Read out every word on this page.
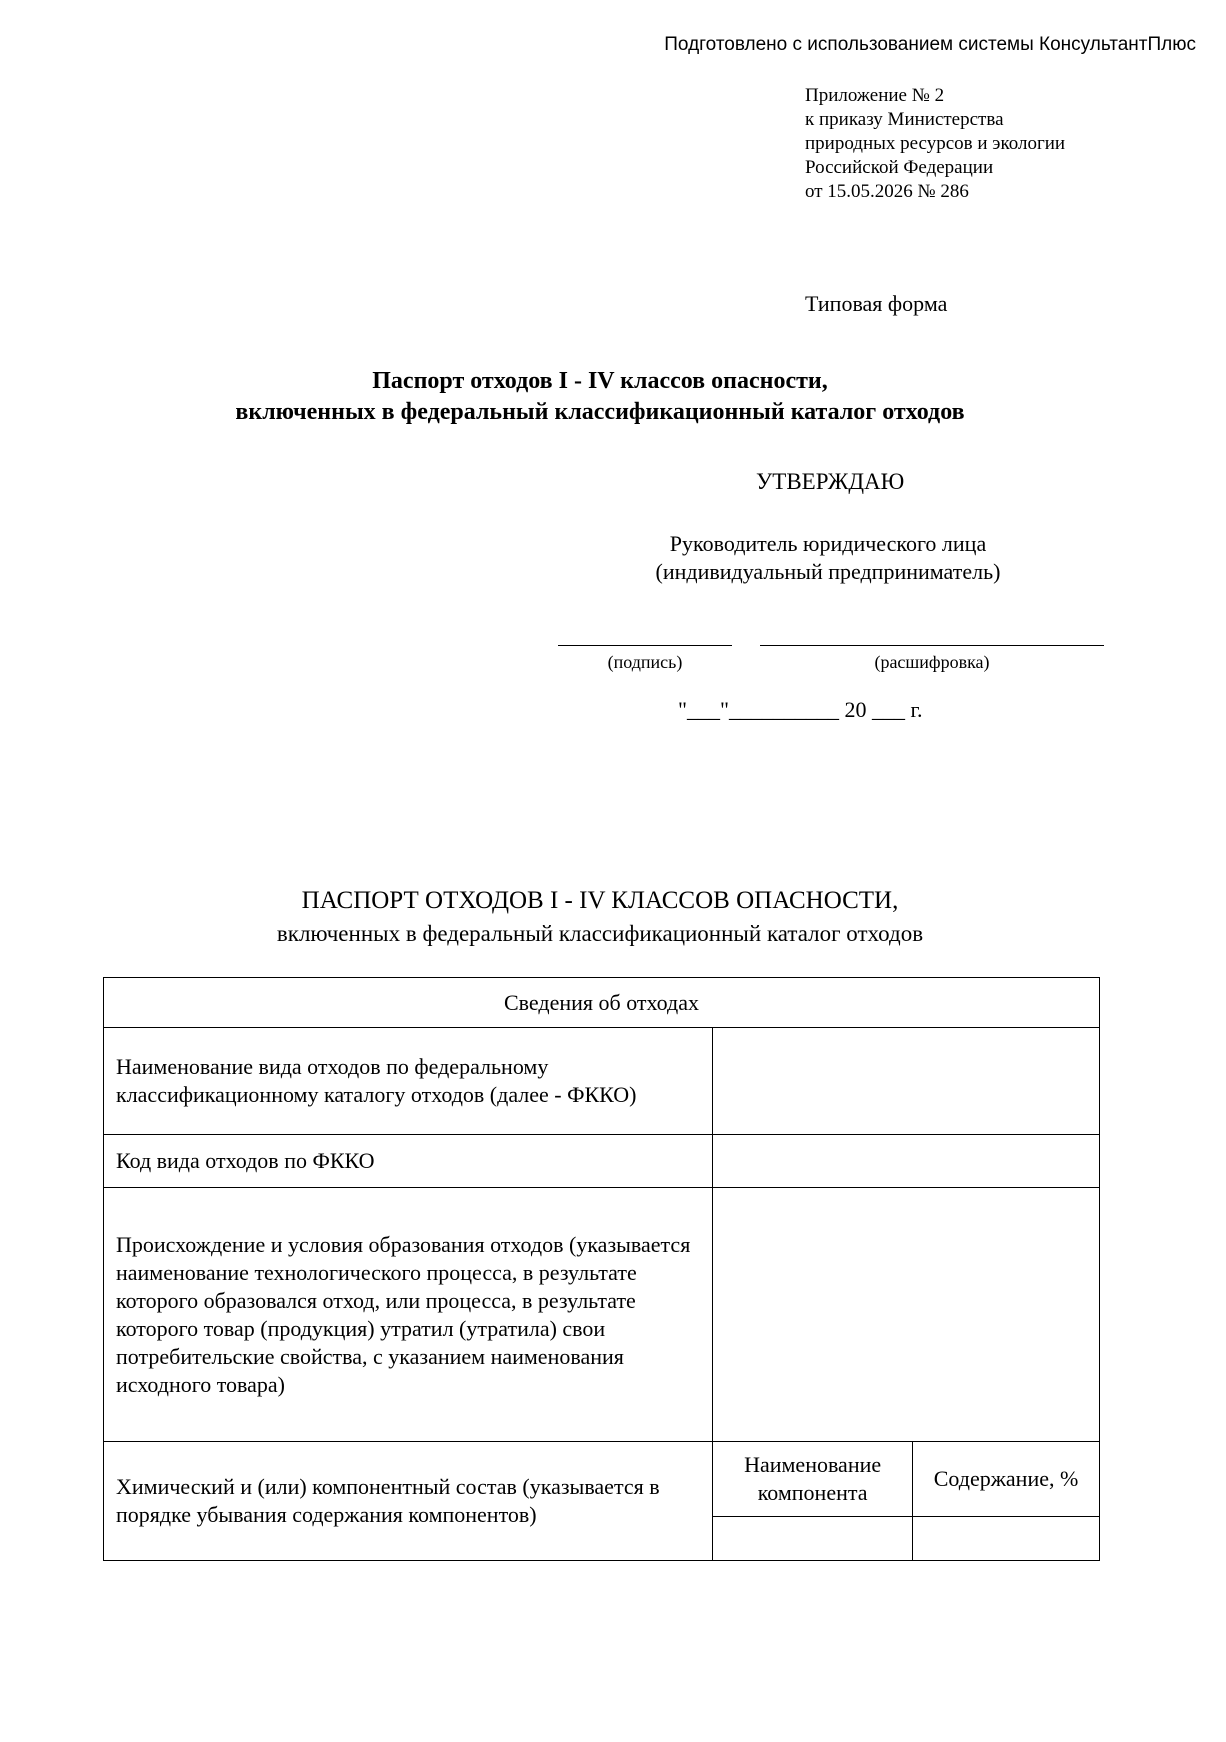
Подготовлено с использованием системы КонсультантПлюс
Приложение № 2
к приказу Министерства
природных ресурсов и экологии
Российской Федерации
от 15.05.2026 № 286
Типовая форма
Паспорт отходов I - IV классов опасности,
включенных в федеральный классификационный каталог отходов
УТВЕРЖДАЮ
Руководитель юридического лица
(индивидуальный предприниматель)
(подпись)	(расшифровка)
"___"__________ 20 ___ г.
ПАСПОРТ ОТХОДОВ I - IV КЛАССОВ ОПАСНОСТИ,
включенных в федеральный классификационный каталог отходов
Сведения об отходах		
Наименование вида отходов по федеральному классификационному каталогу отходов (далее - ФККО)		
Код вида отходов по ФККО		
Происхождение и условия образования отходов (указывается наименование технологического процесса, в результате которого образовался отход, или процесса, в результате которого товар (продукция) утратил (утратила) свои потребительские свойства, с указанием наименования исходного товара)		
Химический и (или) компонентный состав (указывается в порядке убывания содержания компонентов)	Наименование компонента	Содержание, %
